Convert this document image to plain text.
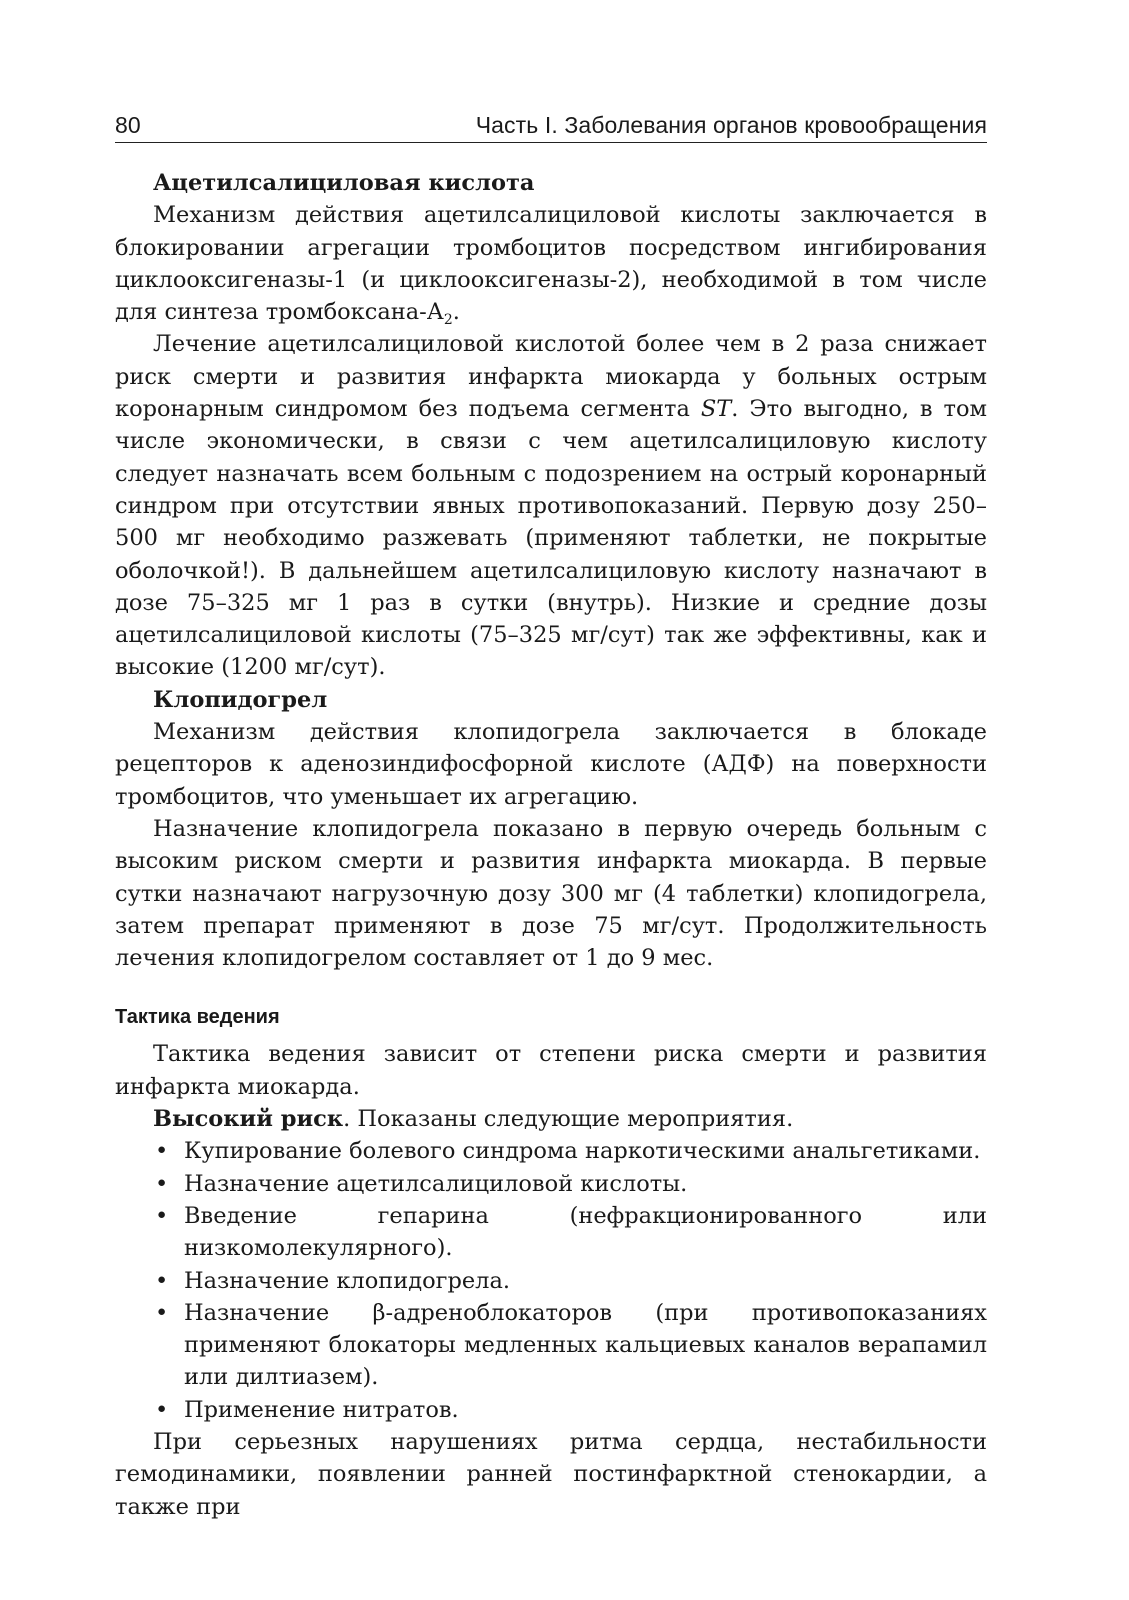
80	Часть I. Заболевания органов кровообращения

Ацетилсалициловая кислота

Механизм действия ацетилсалициловой кислоты заключается в блокировании агрегации тромбоцитов посредством ингибирования циклооксигеназы-1 (и циклооксигеназы-2), необходимой в том числе для синтеза тромбоксана-$А_2$.

Лечение ацетилсалициловой кислотой более чем в 2 раза снижает риск смерти и развития инфаркта миокарда у больных острым коронарным синдромом без подъема сегмента ST. Это выгодно, в том числе экономически, в связи с чем ацетилсалициловую кислоту следует назначать всем больным с подозрением на острый коронарный синдром при отсутствии явных противопоказаний. Первую дозу 250–500 мг необходимо разжевать (применяют таблетки, не покрытые оболочкой!). В дальнейшем ацетилсалициловую кислоту назначают в дозе 75–325 мг 1 раз в сутки (внутрь). Низкие и средние дозы ацетилсалициловой кислоты (75–325 мг/сут) так же эффективны, как и высокие (1200 мг/сут).

Клопидогрел

Механизм действия клопидогрела заключается в блокаде рецепторов к аденозиндифосфорной кислоте (АДФ) на поверхности тромбоцитов, что уменьшает их агрегацию.

Назначение клопидогрела показано в первую очередь больным с высоким риском смерти и развития инфаркта миокарда. В первые сутки назначают нагрузочную дозу 300 мг (4 таблетки) клопидогрела, затем препарат применяют в дозе 75 мг/сут. Продолжительность лечения клопидогрелом составляет от 1 до 9 мес.

Тактика ведения

Тактика ведения зависит от степени риска смерти и развития инфаркта миокарда.

Высокий риск. Показаны следующие мероприятия.

• Купирование болевого синдрома наркотическими анальгетиками.
• Назначение ацетилсалициловой кислоты.
• Введение гепарина (нефракционированного или низкомолекулярного).
• Назначение клопидогрела.
• Назначение β-адреноблокаторов (при противопоказаниях применяют блокаторы медленных кальциевых каналов верапамил или дилтиазем).
• Применение нитратов.

При серьезных нарушениях ритма сердца, нестабильности гемодинамики, появлении ранней постинфарктной стенокардии, а также при
